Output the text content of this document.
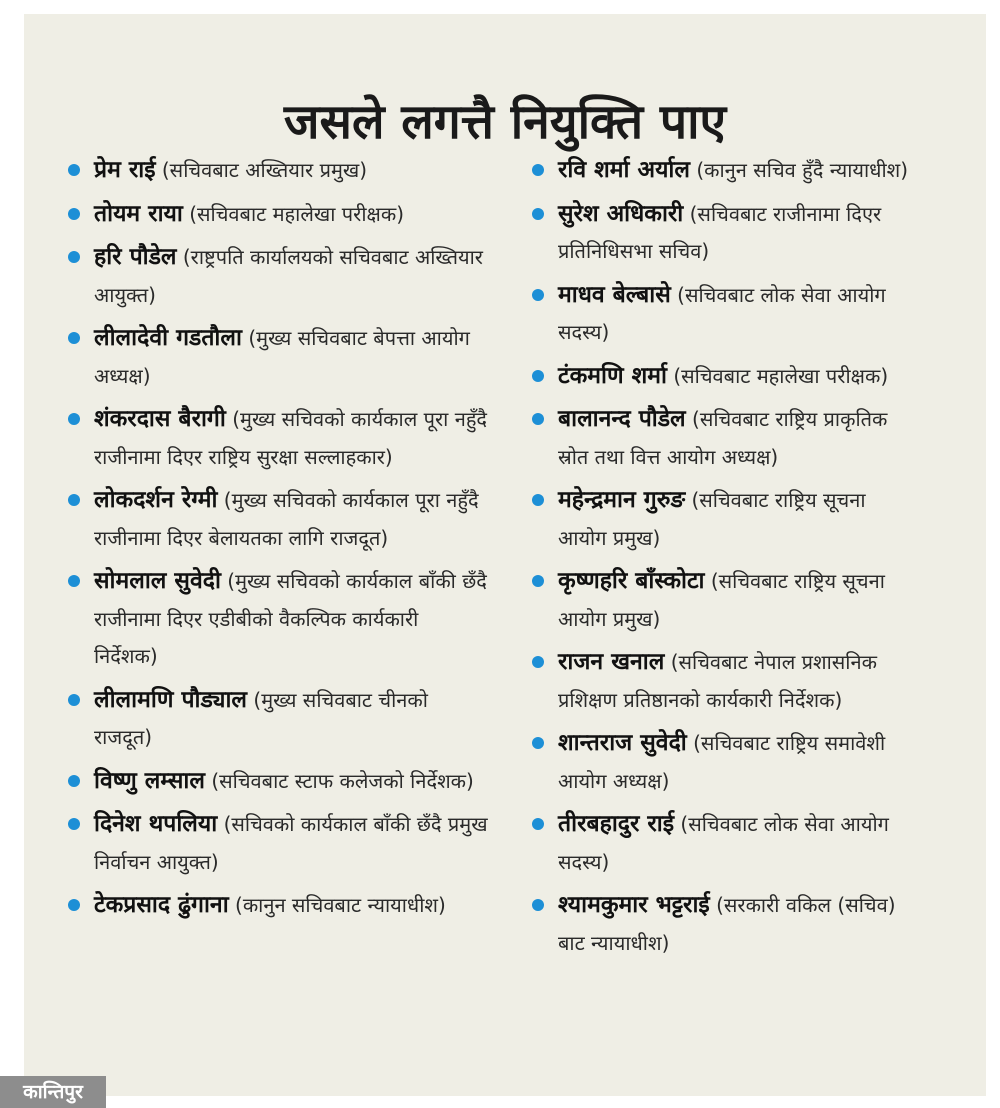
जसले लगत्तै नियुक्ति पाए
प्रेम राई (सचिवबाट अख्तियार प्रमुख)
तोयम राया (सचिवबाट महालेखा परीक्षक)
हरि पौडेल (राष्ट्रपति कार्यालयको सचिवबाट अख्तियार आयुक्त)
लीलादेवी गडतौला (मुख्य सचिवबाट बेपत्ता आयोग अध्यक्ष)
शंकरदास बैरागी (मुख्य सचिवको कार्यकाल पूरा नहुँदै राजीनामा दिएर राष्ट्रिय सुरक्षा सल्लाहकार)
लोकदर्शन रेग्मी (मुख्य सचिवको कार्यकाल पूरा नहुँदै राजीनामा दिएर बेलायतका लागि राजदूत)
सोमलाल सुवेदी (मुख्य सचिवको कार्यकाल बाँकी छँदै राजीनामा दिएर एडीबीको वैकल्पिक कार्यकारी निर्देशक)
लीलामणि पौड्याल (मुख्य सचिवबाट चीनको राजदूत)
विष्णु लम्साल (सचिवबाट स्टाफ कलेजको निर्देशक)
दिनेश थपलिया (सचिवको कार्यकाल बाँकी छँदै प्रमुख निर्वाचन आयुक्त)
टेकप्रसाद ढुंगाना (कानुन सचिवबाट न्यायाधीश)
रवि शर्मा अर्याल (कानुन सचिव हुँदै न्यायाधीश)
सुरेश अधिकारी (सचिवबाट राजीनामा दिएर प्रतिनिधिसभा सचिव)
माधव बेल्बासे (सचिवबाट लोक सेवा आयोग सदस्य)
टंकमणि शर्मा (सचिवबाट महालेखा परीक्षक)
बालानन्द पौडेल (सचिवबाट राष्ट्रिय प्राकृतिक स्रोत तथा वित्त आयोग अध्यक्ष)
महेन्द्रमान गुरुङ (सचिवबाट राष्ट्रिय सूचना आयोग प्रमुख)
कृष्णहरि बाँस्कोटा (सचिवबाट राष्ट्रिय सूचना आयोग प्रमुख)
राजन खनाल (सचिवबाट नेपाल प्रशासनिक प्रशिक्षण प्रतिष्ठानको कार्यकारी निर्देशक)
शान्तराज सुवेदी (सचिवबाट राष्ट्रिय समावेशी आयोग अध्यक्ष)
तीरबहादुर राई (सचिवबाट लोक सेवा आयोग सदस्य)
श्यामकुमार भट्टराई (सरकारी वकिल (सचिव) बाट न्यायाधीश)
कान्तिपुर
